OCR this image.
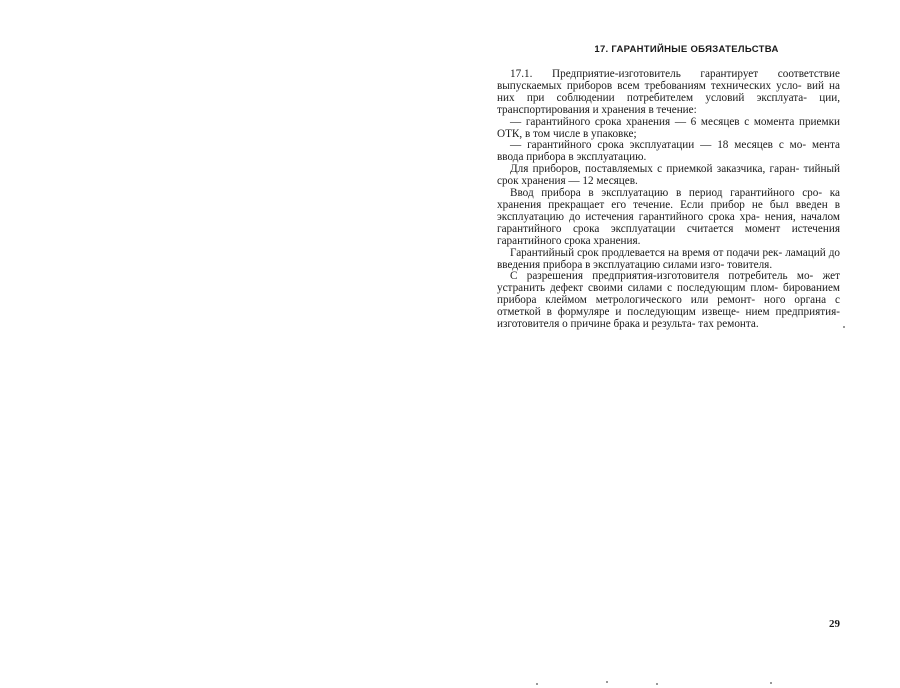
17. ГАРАНТИЙНЫЕ ОБЯЗАТЕЛЬСТВА

17.1. Предприятие-изготовитель гарантирует соответствие выпускаемых приборов всем требованиям технических усло- вий на них при соблюдении потребителем условий эксплуата- ции, транспортирования и хранения в течение:

— гарантийного срока хранения — 6 месяцев с момента приемки ОТК, в том числе в упаковке;

— гарантийного срока эксплуатации — 18 месяцев с мо- мента ввода прибора в эксплуатацию.

Для приборов, поставляемых с приемкой заказчика, гаран- тийный срок хранения — 12 месяцев.

Ввод прибора в эксплуатацию в период гарантийного сро- ка хранения прекращает его течение. Если прибор не был введен в эксплуатацию до истечения гарантийного срока хра- нения, началом гарантийного срока эксплуатации считается момент истечения гарантийного срока хранения.

Гарантийный срок продлевается на время от подачи рек- ламаций до введения прибора в эксплуатацию силами изго- товителя.

С разрешения предприятия-изготовителя потребитель мо- жет устранить дефект своими силами с последующим плом- бированием прибора клеймом метрологического или ремонт- ного органа с отметкой в формуляре и последующим извеще- нием предприятия-изготовителя о причине брака и результа- тах ремонта.

29
